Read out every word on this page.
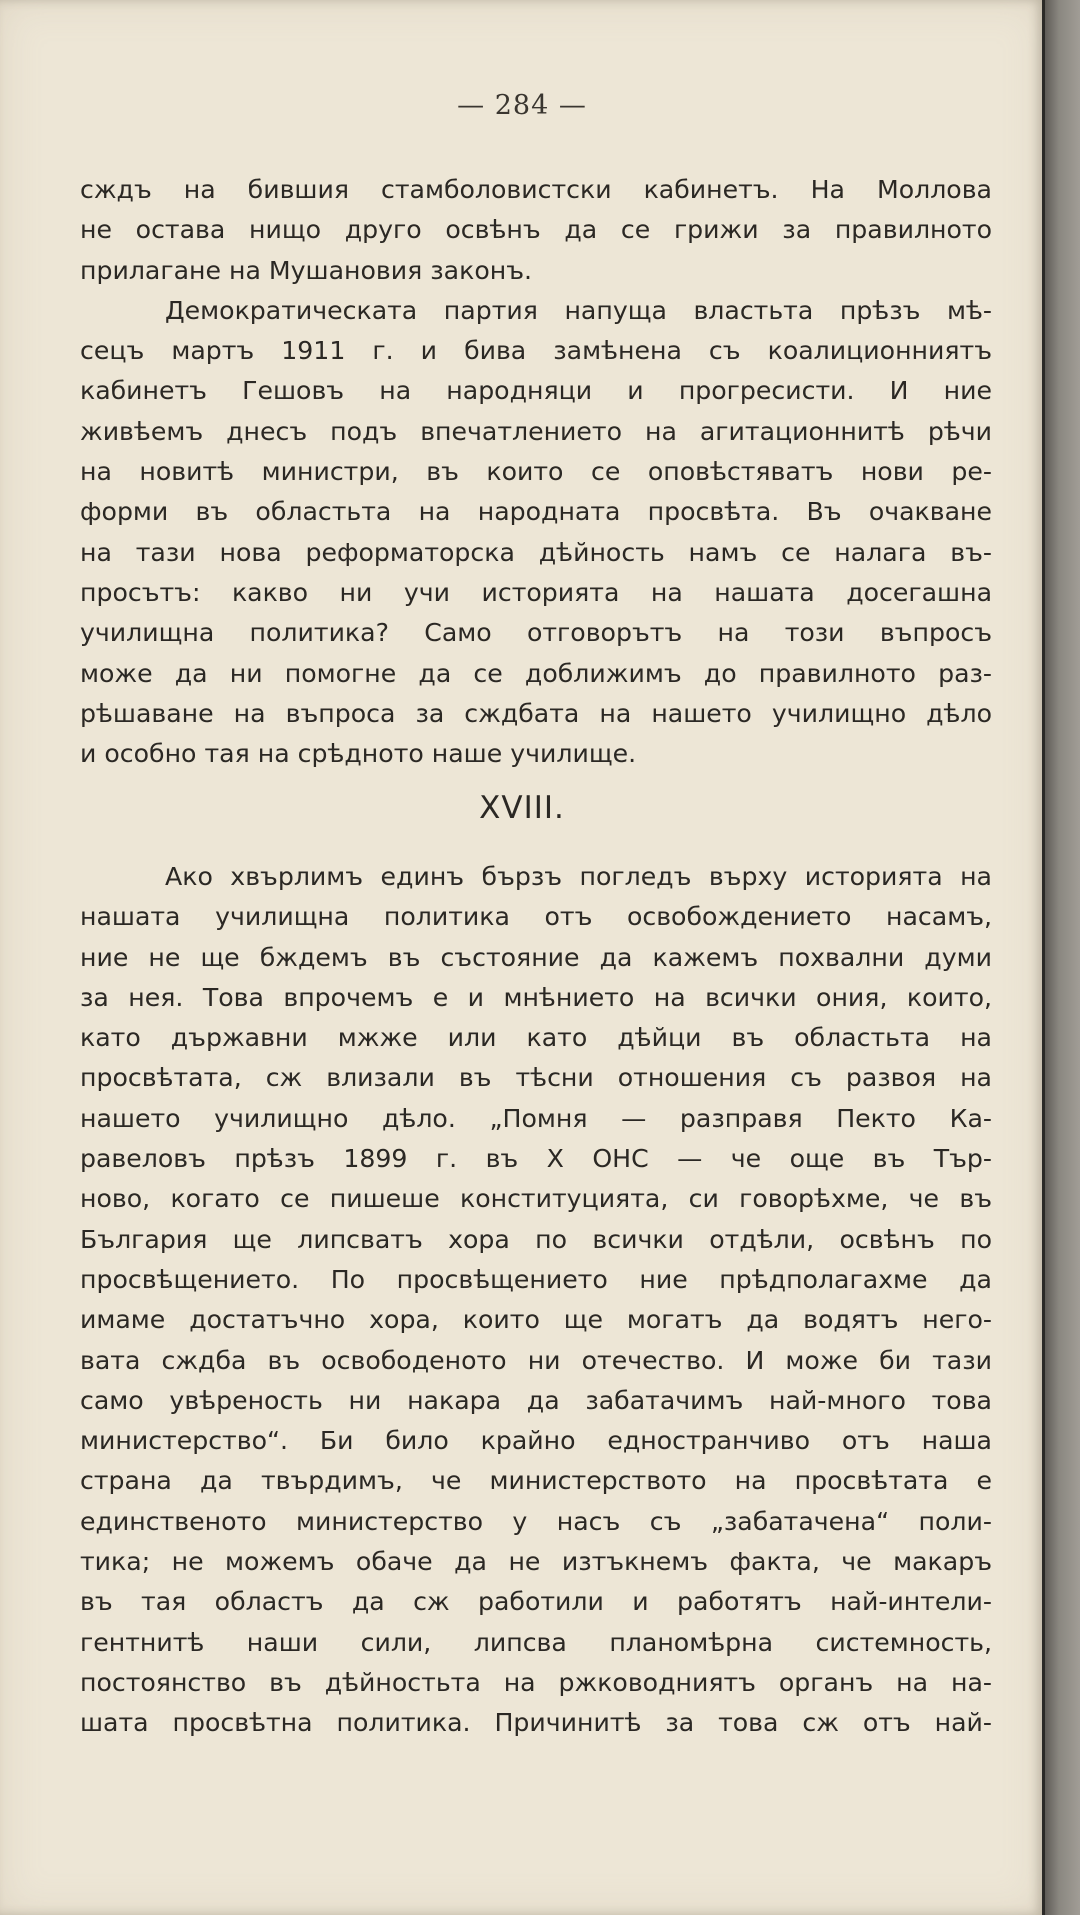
— 284 —

сждъ на бившия стамболовистски кабинетъ. На Моллова
не остава нищо друго освѣнъ да се грижи за правилното
прилагане на Мушановия законъ.

Демократическата партия напуща властьта прѣзъ мѣ-
сецъ мартъ 1911 г. и бива замѣнена съ коалиционниятъ
кабинетъ Гешовъ на народняци и прогресисти. И ние
живѣемъ днесъ подъ впечатлението на агитационнитѣ рѣчи
на новитѣ министри, въ които се оповѣстяватъ нови ре-
форми въ областьта на народната просвѣта. Въ очакване
на тази нова реформаторска дѣйность намъ се налага въ-
просътъ: какво ни учи историята на нашата досегашна
училищна политика? Само отговорътъ на този въпросъ
може да ни помогне да се доближимъ до правилното раз-
рѣшаване на въпроса за сждбата на нашето училищно дѣло
и особно тая на срѣдното наше училище.

XVIII.

Ако хвърлимъ единъ бързъ погледъ върху историята на
нашата училищна политика отъ освобождението насамъ,
ние не ще бждемъ въ състояние да кажемъ похвални думи
за нея. Това впрочемъ е и мнѣнието на всички ония, които,
като държавни мжже или като дѣйци въ областьта на
просвѣтата, сж влизали въ тѣсни отношения съ развоя на
нашето училищно дѣло. „Помня — разправя Пекто Ка-
равеловъ прѣзъ 1899 г. въ X ОНС — че още въ Тър-
ново, когато се пишеше конституцията, си говорѣхме, че въ
България ще липсватъ хора по всички отдѣли, освѣнъ по
просвѣщението. По просвѣщението ние прѣдполагахме да
имаме достатъчно хора, които ще могатъ да водятъ него-
вата сждба въ освободеното ни отечество. И може би тази
само увѣреность ни накара да забатачимъ най-много това
министерство“. Би било крайно едностранчиво отъ наша
страна да твърдимъ, че министерството на просвѣтата е
единственото министерство у насъ съ „забатачена“ поли-
тика; не можемъ обаче да не изтъкнемъ факта, че макаръ
въ тая областъ да сж работили и работятъ най-интели-
гентнитѣ наши сили, липсва планомѣрна системность,
постоянство въ дѣйностьта на ржководниятъ органъ на на-
шата просвѣтна политика. Причинитѣ за това сж отъ най-
